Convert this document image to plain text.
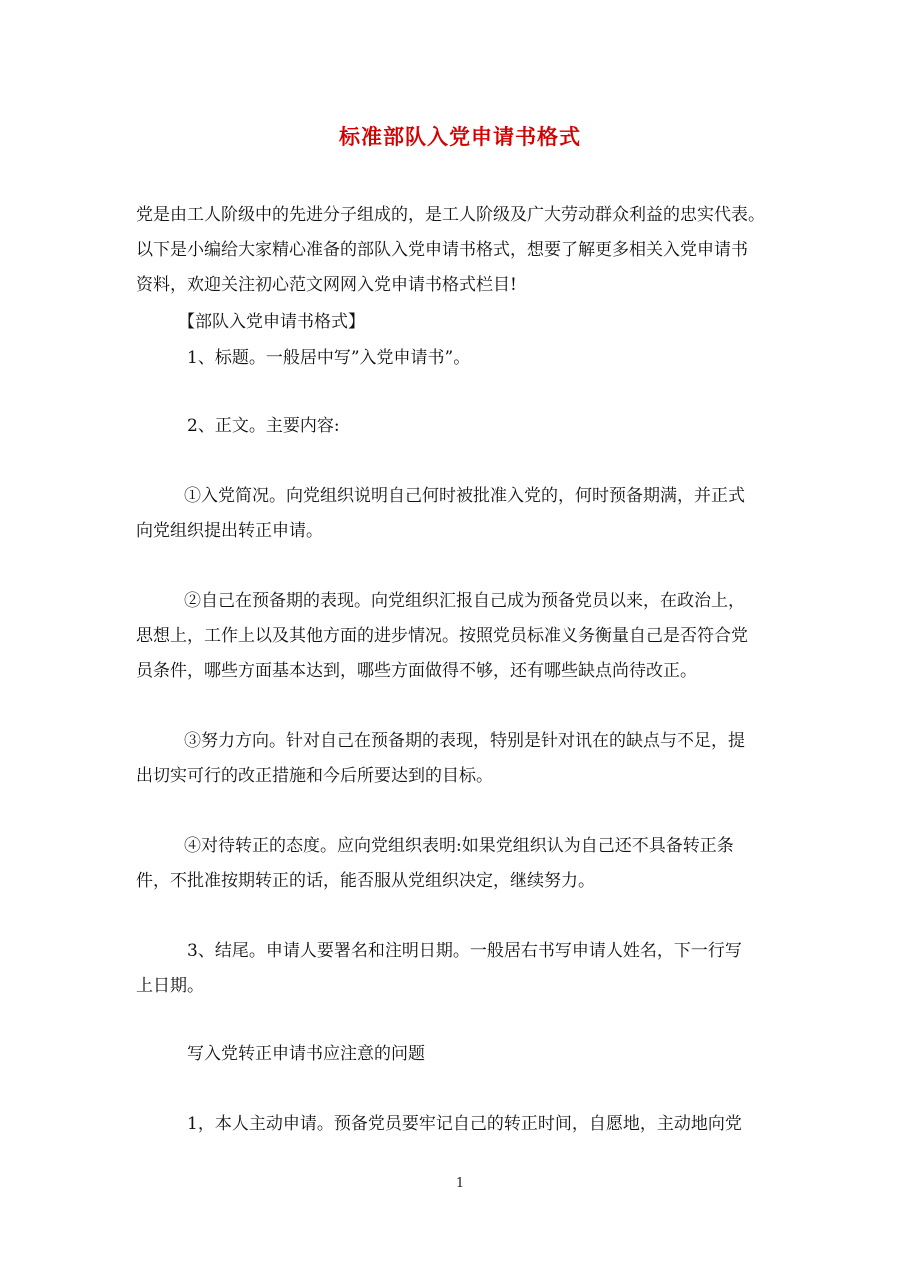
标准部队入党申请书格式
党是由工人阶级中的先进分子组成的，是工人阶级及广大劳动群众利益的忠实代表。
以下是小编给大家精心准备的部队入党申请书格式，想要了解更多相关入党申请书
资料，欢迎关注初心范文网网入党申请书格式栏目!
【部队入党申请书格式】
1、标题。一般居中写”入党申请书”。
2、正文。主要内容:
①入党简况。向党组织说明自己何时被批准入党的，何时预备期满，并正式
向党组织提出转正申请。
②自己在预备期的表现。向党组织汇报自己成为预备党员以来，在政治上，
思想上，工作上以及其他方面的进步情况。按照党员标准义务衡量自己是否符合党
员条件，哪些方面基本达到，哪些方面做得不够，还有哪些缺点尚待改正。
③努力方向。针对自己在预备期的表现，特别是针对讯在的缺点与不足，提
出切实可行的改正措施和今后所要达到的目标。
④对待转正的态度。应向党组织表明:如果党组织认为自己还不具备转正条
件，不批准按期转正的话，能否服从党组织决定，继续努力。
3、结尾。申请人要署名和注明日期。一般居右书写申请人姓名，下一行写
上日期。
写入党转正申请书应注意的问题
1，本人主动申请。预备党员要牢记自己的转正时间，自愿地，主动地向党
1
